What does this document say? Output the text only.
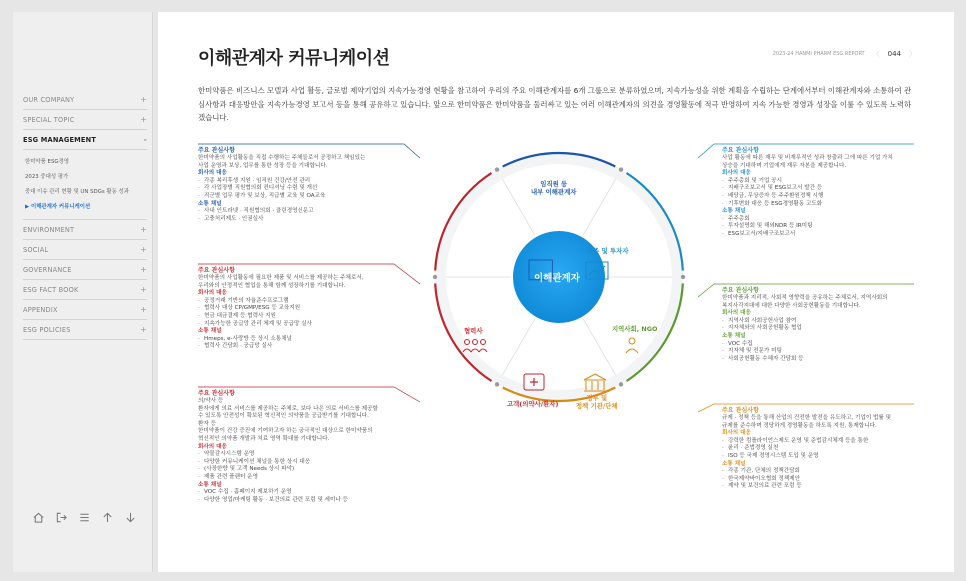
OUR COMPANY	+
SPECIAL TOPIC	+
ESG MANAGEMENT	-
한미약품 ESG경영
2023 중대성 평가
중대 이슈 관리 현황 및 UN SDGs 활동 성과
▶ 이해관계자 커뮤니케이션
ENVIRONMENT	+
SOCIAL	+
GOVERNANCE	+
ESG FACT BOOK	+
APPENDIX	+
ESG POLICIES	+
이해관계자 커뮤니케이션	2023-24 HANMI PHARM ESG REPORT 〈 044 〉
한미약품은 비즈니스 모델과 사업 활동, 글로벌 제약기업의 지속가능경영 현황을 참고하여 우리의 주요 이해관계자를 6개 그룹으로 분류하였으며, 지속가능성을 위한 계획을 수립하는 단계에서부터 이해관계자와 소통하여 관심사항과 대응방안을 지속가능경영 보고서 등을 통해 공유하고 있습니다. 앞으로 한미약품은 한미약품을 둘러싸고 있는 여러 이해관계자의 의견을 경영활동에 적극 반영하여 지속 가능한 경영과 성장을 이룰 수 있도록 노력하겠습니다.
주요 관심사항
한미약품의 사업활동을 직접 수행하는 주체들로서 공정하고 책임있는
사업 운영과 보상, 업무를 통한 성장 등을 기대합니다.
회사의 대응
· 각종 복리후생 지원 · 임직원 건강/안전 관리
· 각 사업장별 직원협의회 컨디셔닝 수렴 및 개선
· 직군별 업무 평가 및 보상, 직급별 교육 및 OA교육
소통 채널
· 사내 인트라넷 · 직원협의회 · 클린경영신문고
· 고충처리제도 · 인권실사
주요 관심사항
한미약품의 사업활동에 필요한 제품 및 서비스를 제공하는 주체로서,
우리와의 안정적인 협업을 통해 함께 성장하기를 기대합니다.
회사의 대응
· 공정거래 기반의 자율준수프로그램
· 협력사 대상 CP/GMP/ESG 등 교육지원
· 현금 대금결제 등 협력사 지원
· 지속가능한 공급망 관리 체계 및 공급망 실사
소통 채널
· Hmeps, e-사랑방 등 상시 소통채널
· 협력사 간담회 · 공급망 실사
주요 관심사항
의/약사 등
환자에게 의료 서비스를 제공하는 주체로, 보다 나은 의료 서비스를 제공할
수 있도록 안전성이 확보된 혁신적인 의약품을 공급받기를 기대합니다.
환자 등
한미약품이 건강 증진에 기여하고자 하는 궁극적인 대상으로 한미약품의
혁신적인 의약품 개발과 치료 영역 확대를 기대합니다.
회사의 대응
· 약물감시시스템 운영
· 다양한 커뮤니케이션 채널을 통한 상시 대응
· (사장한향 및 고객 Needs 상시 파악)
· 제품 관련 플랜터 운영
소통 채널
· VOC 수집 · 홈페이지 제보하기 운영
· 다양한 영업/마케팅 활동 · 보건의료 관련 포럼 및 세미나 등
주요 관심사항
사업 활동에 따른 재무 및 비재무적인 성과 창출과 그에 따른 기업 가치
상승을 기대하며 기업에게 재무 자본을 제공합니다.
회사의 대응
· 주주총회 및 기업 공시
· 지배구조보고서 및 ESG보고서 발간 등
· 배당금, 무상증자 등 주주환원정책 시행
· 기후변화 대응 등 ESG경영활동 고도화
소통 채널
· 주주총회
· 투자설명회 및 해외NDR 등 IR미팅
· ESG보고서/지배구조보고서
주요 관심사항
한미약품과 지리적, 사회적 영향력을 공유하는 주체로서, 지역사회의
복지사각지대에 대한 다양한 사회공헌활동을 기대합니다.
회사의 대응
· 지역사회 사회공헌사업 참여
· 지자체와의 사회공헌활동 협업
소통 채널
· VOC 수집
· 지자체 및 전문가 미팅
· 사회공헌활동 수혜자 간담회 등
주요 관심사항
규제 · 정책 등을 통해 산업의 건전한 발전을 유도하고, 기업이 법률 및
규제를 준수하며 정당하게 경영활동을 하도록 지원, 통제합니다.
회사의 대응
· 강력한 컴플라이언스제도 운영 및 준법감시체계 등을 통한
· 윤리 · 준법경영 실천
· ISO 등 국제 경영시스템 도입 및 운영
소통 채널
· 각종 기관, 단체의 정책간담회
· 한국제약바이오협회 정책제안
· 제약 및 보건의료 관련 포럼 등
이해관계자
임직원 등
내부 이해관계자
주주 및 투자자
지역사회, NGO
정부 및
정책 기관/단체
고객(의약사/환자)
협력사
